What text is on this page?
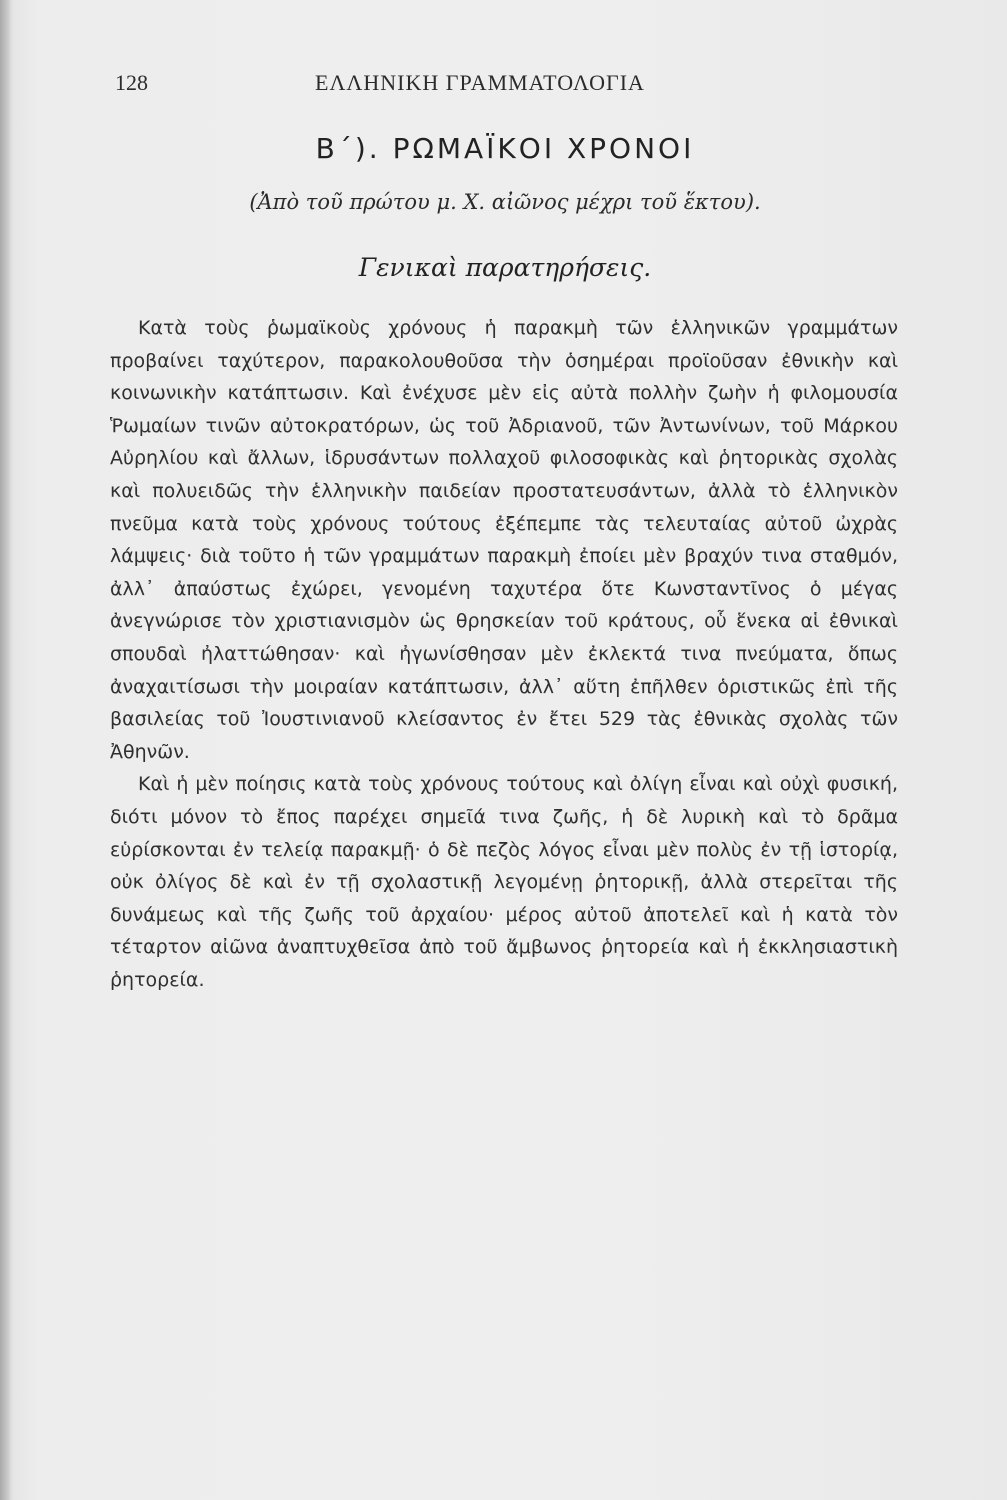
128	ΕΛΛΗΝΙΚΗ ΓΡΑΜΜΑΤΟΛΟΓΙΑ
Β΄). ΡΩΜΑΪΚΟΙ ΧΡΟΝΟΙ
(Ἀπὸ τοῦ πρώτου μ. Χ. αἰῶνος μέχρι τοῦ ἕκτου).
Γενικαὶ παρατηρήσεις.

Κατὰ τοὺς ῥωμαϊκοὺς χρόνους ἡ παρακμὴ τῶν ἑλληνικῶν γραμμάτων προβαίνει ταχύτερον, παρακολουθοῦσα τὴν ὁσημέραι προϊοῦσαν ἐθνικὴν καὶ κοινωνικὴν κατάπτωσιν. Καὶ ἐνέχυσε μὲν εἰς αὐτὰ πολλὴν ζωὴν ἡ φιλομουσία Ῥωμαίων τινῶν αὐτοκρατόρων, ὡς τοῦ Ἀδριανοῦ, τῶν Ἀντωνίνων, τοῦ Μάρκου Αὐρηλίου καὶ ἄλλων, ἱδρυσάντων πολλαχοῦ φιλοσοφικὰς καὶ ῥητορικὰς σχολὰς καὶ πολυειδῶς τὴν ἑλληνικὴν παιδείαν προστατευσάντων, ἀλλὰ τὸ ἑλληνικὸν πνεῦμα κατὰ τοὺς χρόνους τούτους ἐξέπεμπε τὰς τελευταίας αὐτοῦ ὠχρὰς λάμψεις· διὰ τοῦτο ἡ τῶν γραμμάτων παρακμὴ ἐποίει μὲν βραχύν τινα σταθμόν, ἀλλ᾿ ἀπαύστως ἐχώρει, γενομένη ταχυτέρα ὅτε Κωνσταντῖνος ὁ μέγας ἀνεγνώρισε τὸν χριστιανισμὸν ὡς θρησκείαν τοῦ κράτους, οὗ ἕνεκα αἱ ἐθνικαὶ σπουδαὶ ἠλαττώθησαν· καὶ ἠγωνίσθησαν μὲν ἐκλεκτά τινα πνεύματα, ὅπως ἀναχαιτίσωσι τὴν μοιραίαν κατάπτωσιν, ἀλλ᾿ αὕτη ἐπῆλθεν ὁριστικῶς ἐπὶ τῆς βασιλείας τοῦ Ἰουστινιανοῦ κλείσαντος ἐν ἔτει 529 τὰς ἐθνικὰς σχολὰς τῶν Ἀθηνῶν.

Καὶ ἡ μὲν ποίησις κατὰ τοὺς χρόνους τούτους καὶ ὀλίγη εἶναι καὶ οὐχὶ φυσική, διότι μόνον τὸ ἔπος παρέχει σημεῖά τινα ζωῆς, ἡ δὲ λυρικὴ καὶ τὸ δρᾶμα εὑρίσκονται ἐν τελείᾳ παρακμῇ· ὁ δὲ πεζὸς λόγος εἶναι μὲν πολὺς ἐν τῇ ἱστορίᾳ, οὐκ ὀλίγος δὲ καὶ ἐν τῇ σχολαστικῇ λεγομένῃ ῥητορικῇ, ἀλλὰ στερεῖται τῆς δυνάμεως καὶ τῆς ζωῆς τοῦ ἀρχαίου· μέρος αὐτοῦ ἀποτελεῖ καὶ ἡ κατὰ τὸν τέταρτον αἰῶνα ἀναπτυχθεῖσα ἀπὸ τοῦ ἄμβωνος ῥητορεία καὶ ἡ ἐκκλησιαστικὴ ῥητορεία.
